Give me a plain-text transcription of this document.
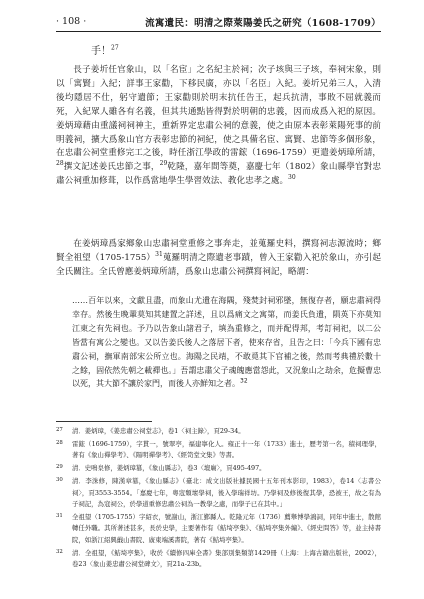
· 108 ·	流寓遺民：明清之際萊陽姜氏之研究（1608-1709）
手！$^{27}$

長子姜圻任官象山，以「名宦」之名紀主於祠；次子垓與三子垓，奉祠宋象，則以「寓賢」入紀；詳事王家勸，下移民廣，亦以「名臣」入紀。姜圻兄弟三人，入清後均隱居不仕，躬守遺節；王家勸則於明末抗任告王，起兵抗清，事敗不屈就義而死，入紀眾人雖各有名義，但其共通點皆得對於明朝的忠義，因而成爲入祀的原因。姜炳璋藉由重議祠祠神主，重新界定忠肅公祠的意義，使之由原本表彰萊陽死事的前明義祠，擴大爲象山官方表彰忠節的祠紀，使之具備名宦、寓賢、忠節等多個形象，在忠肅公祠堂重修完工之後，時任浙江學政的雷鋐（1696-1759）更遣姜炳璋所請，$^{28}$撰文記述姜氏忠節之事，$^{29}$乾隆，嘉年間等奠，嘉慶七年（1802）象山縣學官對忠肅公祠重加修葺，以作爲當地學生學習效法、教化忠孝之處。$^{30}$

在姜炳璋爲家鄉象山忠肅祠堂重修之事奔走，並蒐羅史料，撰寫祠志源流時；鄉賢全祖望（1705-1755）$^{31}$蒐羅明清之際遺老事蹟，曾入王家勸入祀於象山，亦引起全氏關注。全氏曾應姜炳璋所請，爲象山忠肅公祠撰寫祠記，略謂：

……百年以來，文獻且盡，而象山尤遺在海隅，殘焚封祠邪墜，無復存者，願忠肅祠得幸存。然後生晚輩莫知其建置之詳述，且以爲痛文之寓第，而姜氏負遺，隕英下亦莫知江東之有先祠也。予乃以告象山諸君子，填為重修之，而并配得邦，考訂祠祀，以二公皆當有寓公之變也。又以告姜氏後人之落居下者，使來存省，且告之曰：「今兵下國有忠肅公祠，撫軍南部宋公所立也。海陽之民靖，不敢覓其下官補之後，然而考典禮於數十之餘，固依然先朝之載禪也。」吾謂忠肅父子魂魄應當怨此，又況象山之劫余，危擬曹忠以死，其大節不讓於家門，而後人亦鮮知之者。$^{32}$

27 清．姜炳璋，《姜忠肅公祠堂志》，卷1〈祠主錄〉，頁29-34。

28 雷鋐（1696-1759），字貫一，號翠亭，福建寧化人。雍正十一年（1733）進士，歷考第一名，積祠理學，著有《象山禪學考》、《陽明禪學考》、《經笥堂文集》等書。

29 清．史鳴臬修，姜炳璋纂，《象山縣志》，卷3〈壇廟〉，頁495-497。

30 清．李洙修，陳漢章纂，《象山縣志》（臺北：成文出版社據民國十五年刊本影印，1983），卷14〈志書公祠〉，頁3553-3554。「嘉慶七年，粵寇頹壞學祠，後入學瑞祥坊。乃學祠及修後復其學，恐被王，故之有為子祠記，為寇祠公，於學道重修忠肅公祠為一教學之處，而學子已在其中。」

31 全祖望（1705-1755）字紹衣，號謝山，浙江鄞縣人。乾隆元年（1736）薦舉博學鴻詞，同年中進士，散館轉任外職。其所著述甚多，長於史學，主要著作有《鮚埼亭集》、《鮚埼亭集外編》、《經史問答》等，並主持書院，如浙江紹興蕺山書院、廣東端溪書院，著有《鮚埼亭集》。

32 清．全祖望，《鮚埼亭集》，收於《續修四庫全書》集部別集類第1429冊（上海：上海古籍出版社，2002），卷23〈象山姜忠肅公祠堂碑文〉，頁21a-23b。
